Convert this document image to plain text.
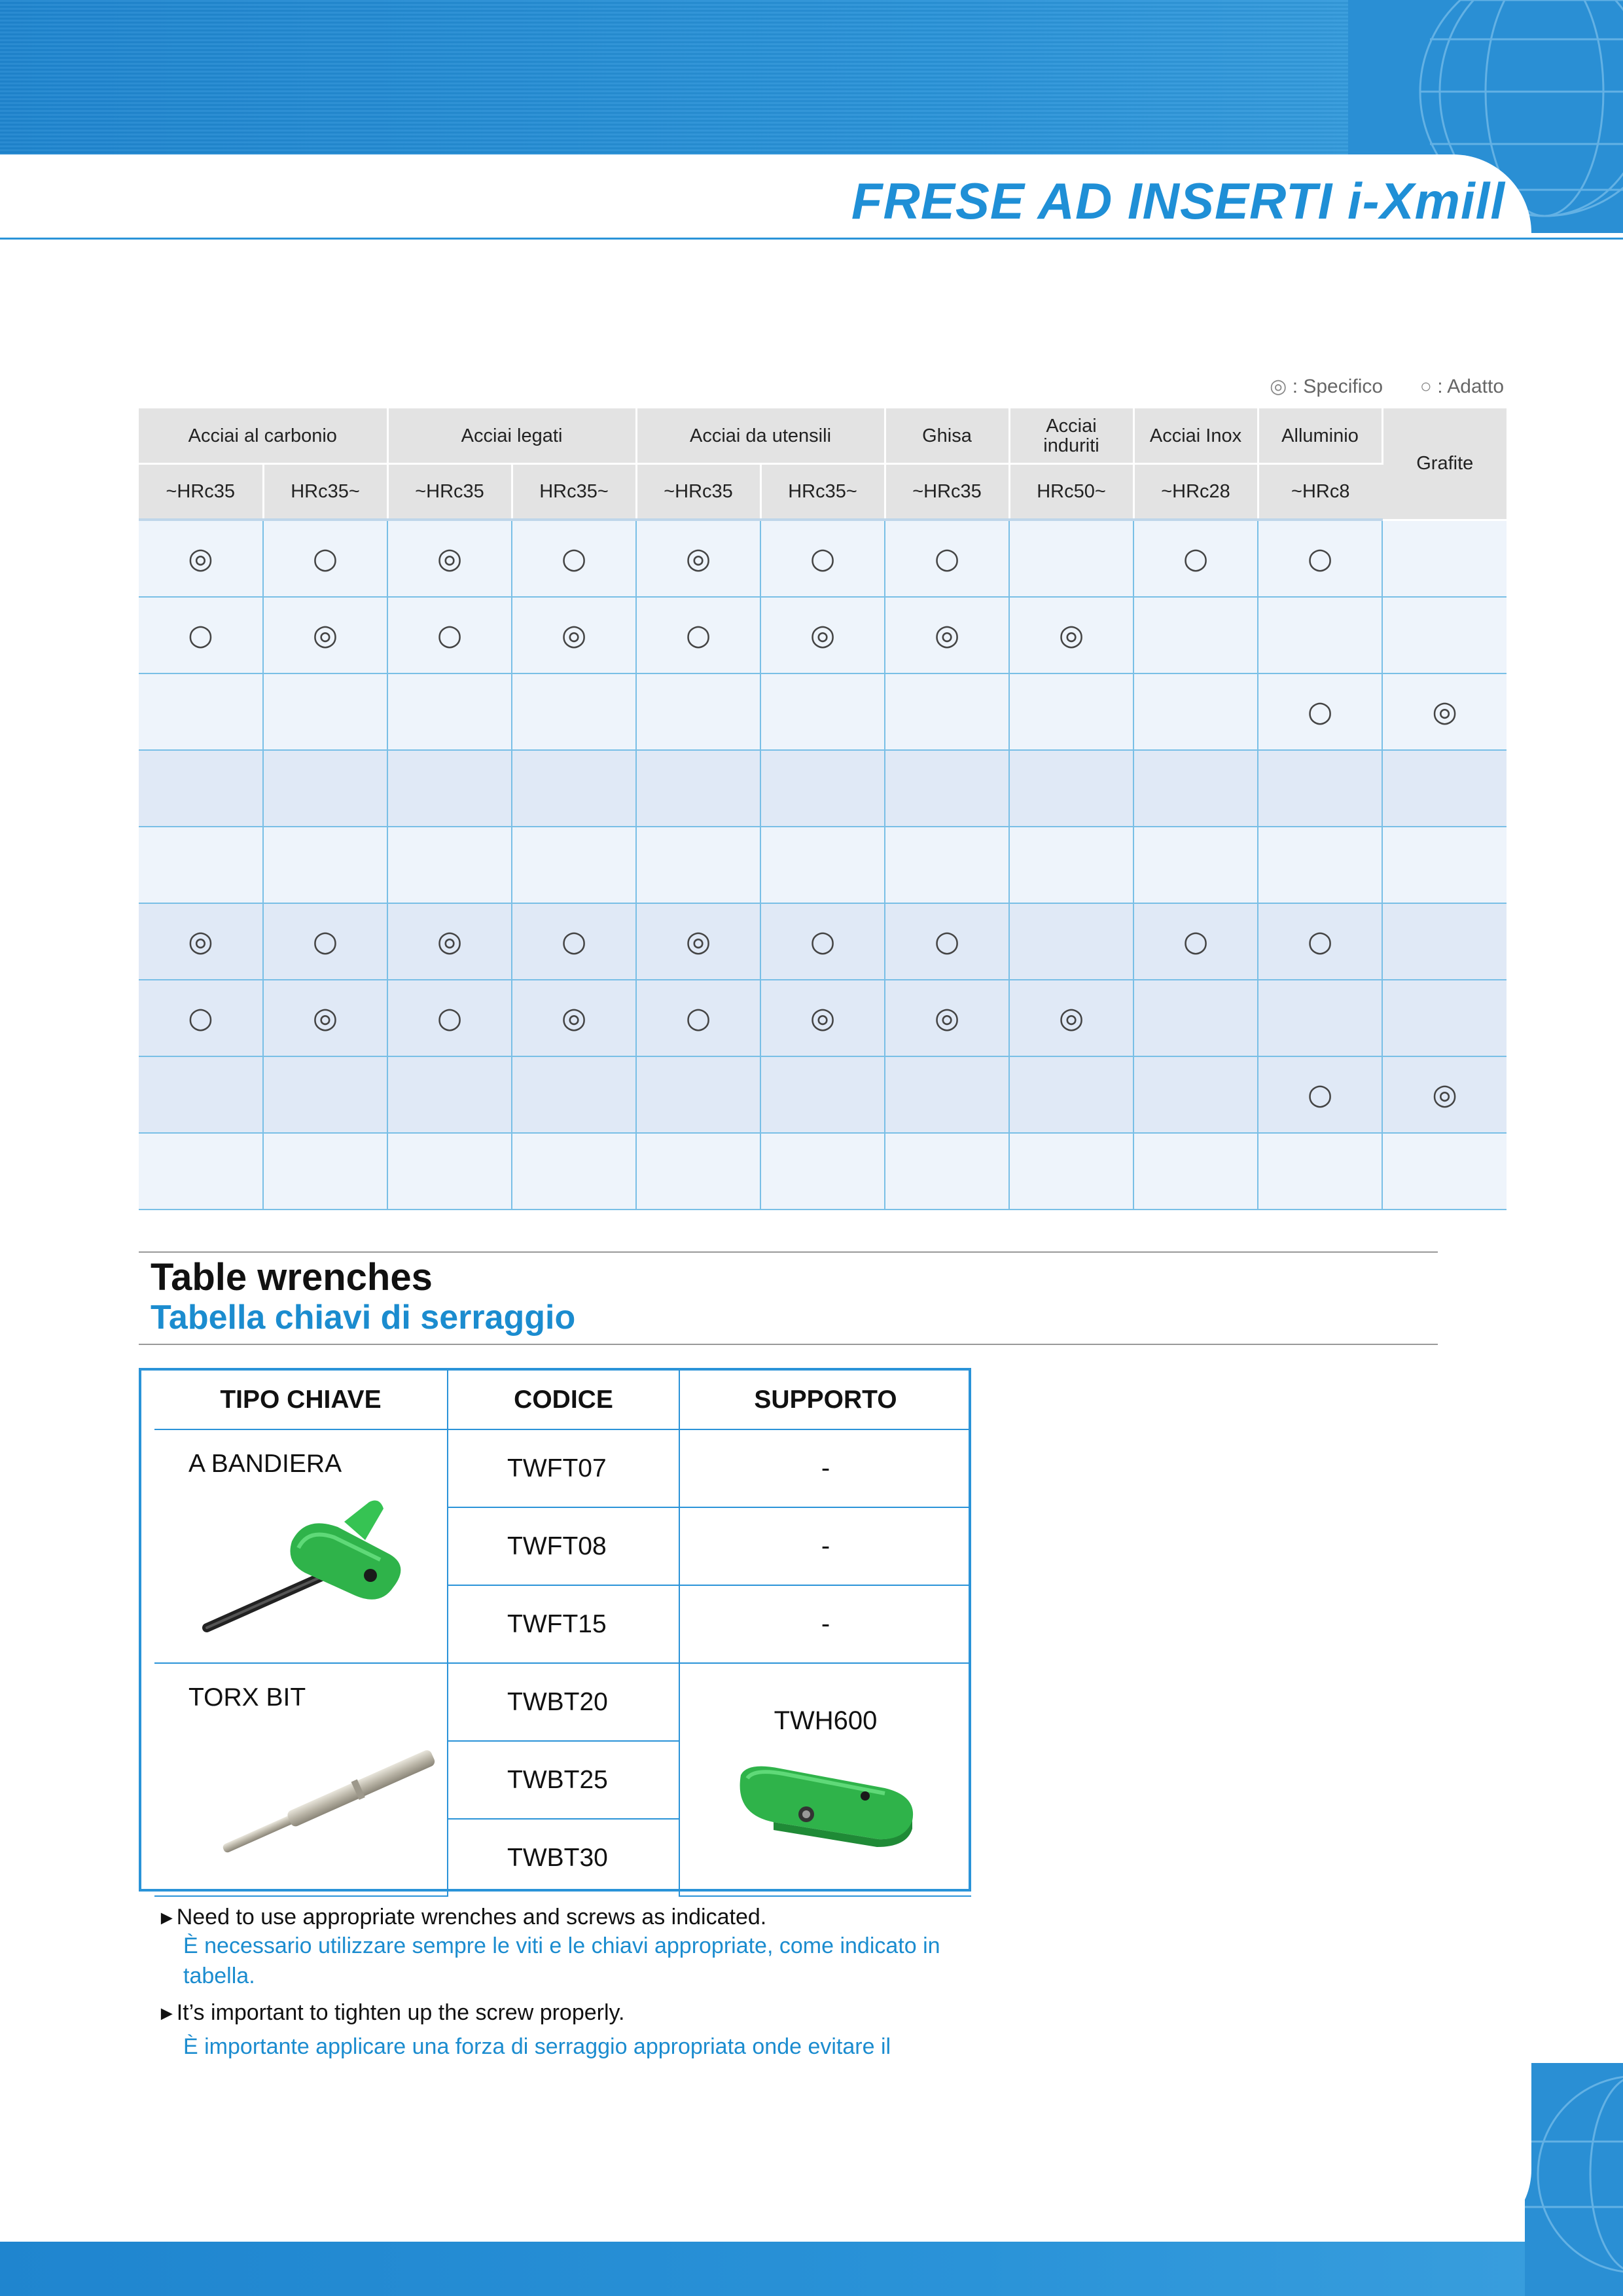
FRESE AD INSERTI i-Xmill
◎ : Specifico ○ : Adatto
Acciai al carbonio		Acciai legati		Acciai da utensili		Ghisa	Acciai
induriti	Acciai Inox	Alluminio	Grafite
~HRc35	HRc35~	~HRc35	HRc35~	~HRc35	HRc35~	~HRc35	HRc50~	~HRc28	~HRc8	
◎	○	◎	○	◎	○	○		○	○	
○	◎	○	◎	○	◎	◎	◎			
									○	◎

◎	○	◎	○	◎	○	○		○	○	
○	◎	○	◎	○	◎	◎	◎			
									○	◎

Table wrenches
Tabella chiavi di serraggio
TIPO CHIAVE	CODICE	SUPPORTO

A BANDIERA	TWFT07	-
	TWFT08	-
	TWFT15	-

TORX BIT	TWBT20	TWH600

	TWBT25	
	TWBT30	
►Need to use appropriate wrenches and screws as indicated.
È necessario utilizzare sempre le viti e le chiavi appropriate, come indicato in tabella.
►It’s important to tighten up the screw properly.
È importante applicare una forza di serraggio appropriata onde evitare il
